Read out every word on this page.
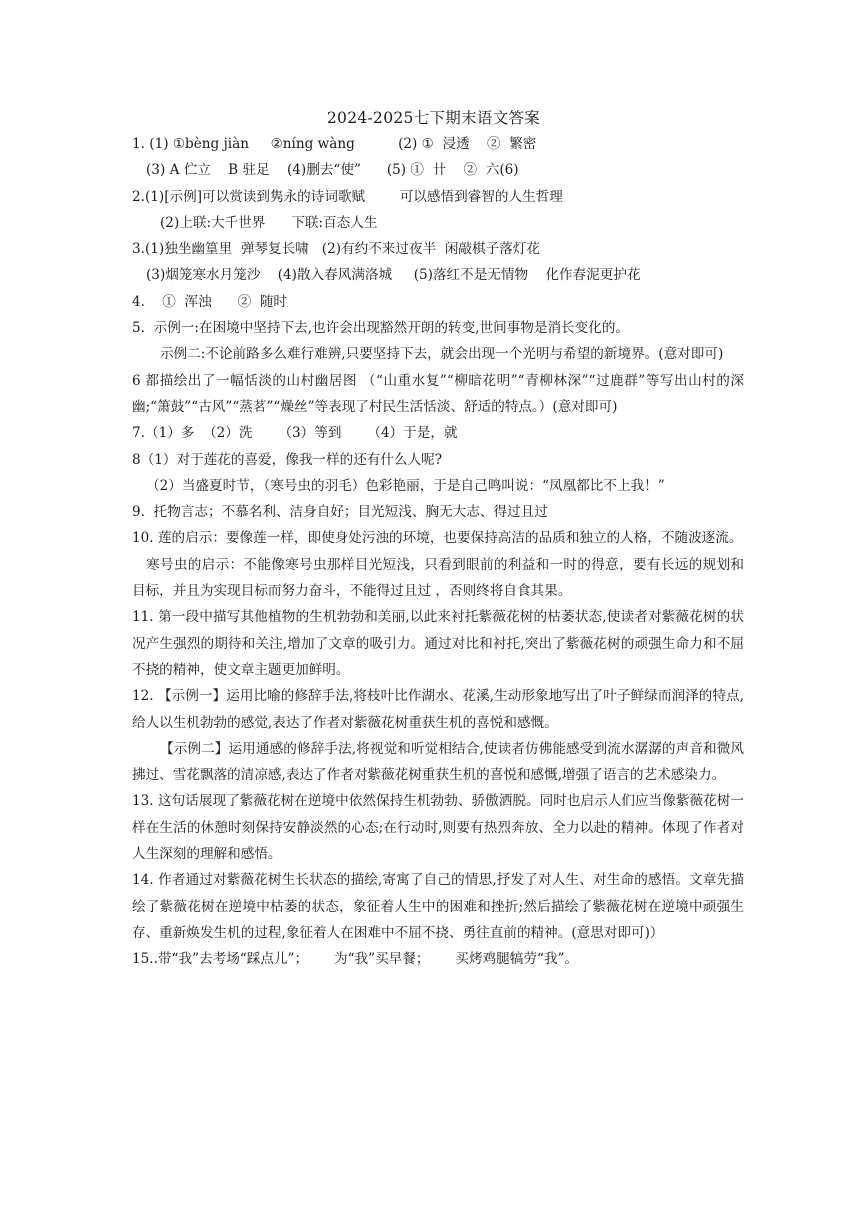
2024-2025七下期末语文答案
1. (1) ①bèng jiàn     ②níng wàng          (2) ①  浸透    ②  繁密
(3) A 伫立    B 驻足    (4)删去“使”      (5) ①  卄    ②  六(6)
2.(1)[示例]可以赏读到隽永的诗词歌赋        可以感悟到睿智的人生哲理
(2)上联:大千世界      下联:百态人生
3.(1)独坐幽篁里  弹琴复长啸   (2)有约不来过夜半  闲敲棋子落灯花
(3)烟笼寒水月笼沙    (4)散入春风满洛城     (5)落红不是无情物    化作春泥更护花
4.    ①  浑浊      ②  随时
5.  示例一:在困境中坚持下去,也许会出现豁然开朗的转变,世间事物是消长变化的。
示例二:不论前路多么难行难辨,只要坚持下去，就会出现一个光明与希望的新境界。(意对即可)
6 都描绘出了一幅恬淡的山村幽居图 （“山重水复”“柳暗花明”“青柳林深”“过鹿群”等写出山村的深幽;“箫鼓”“古风”“蒸茗”“燥丝”等表现了村民生活恬淡、舒适的特点。）(意对即可)
7.（1）多  （2）洗      （3）等到      （4）于是，就
8（1）对于莲花的喜爱，像我一样的还有什么人呢?
（2）当盛夏时节，（寒号虫的羽毛）色彩艳丽，于是自己鸣叫说：“凤凰都比不上我！”
9.  托物言志；不慕名利、洁身自好；目光短浅、胸无大志、得过且过
10. 莲的启示：要像莲一样，即使身处污浊的环境，也要保持高洁的品质和独立的人格，不随波逐流。
寒号虫的启示：不能像寒号虫那样目光短浅，只看到眼前的利益和一时的得意，要有长远的规划和目标，并且为实现目标而努力奋斗，不能得过且过 ，否则终将自食其果。
11. 第一段中描写其他植物的生机勃勃和美丽,以此来衬托紫薇花树的枯萎状态,使读者对紫薇花树的状况产生强烈的期待和关注,增加了文章的吸引力。通过对比和衬托,突出了紫薇花树的顽强生命力和不屈不挠的精神，使文章主题更加鲜明。
12. 【示例一】运用比喻的修辞手法,将枝叶比作湖水、花溪,生动形象地写出了叶子鲜绿而润泽的特点,给人以生机勃勃的感觉,表达了作者对紫薇花树重获生机的喜悦和感慨。
【示例二】运用通感的修辞手法,将视觉和听觉相结合,使读者仿佛能感受到流水潺潺的声音和微风拂过、雪花飘落的清凉感,表达了作者对紫薇花树重获生机的喜悦和感慨,增强了语言的艺术感染力。
13. 这句话展现了紫薇花树在逆境中依然保持生机勃勃、骄傲洒脱。同时也启示人们应当像紫薇花树一样在生活的休憩时刻保持安静淡然的心态;在行动时,则要有热烈奔放、全力以赴的精神。体现了作者对人生深刻的理解和感悟。
14. 作者通过对紫薇花树生长状态的描绘,寄寓了自己的情思,抒发了对人生、对生命的感悟。文章先描绘了紫薇花树在逆境中枯萎的状态，象征着人生中的困难和挫折;然后描绘了紫薇花树在逆境中顽强生存、重新焕发生机的过程,象征着人在困难中不屈不挠、勇往直前的精神。(意思对即可)）
15..带“我”去考场“踩点儿”；      为“我”买早餐；      买烤鸡腿犒劳“我”。
